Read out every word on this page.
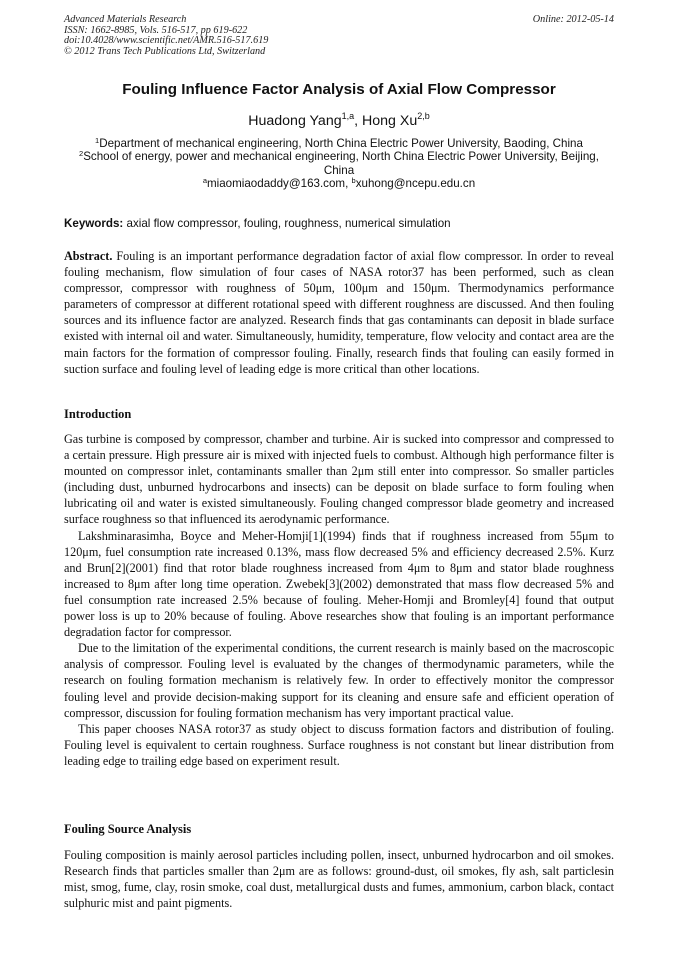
Advanced Materials Research
ISSN: 1662-8985, Vols. 516-517, pp 619-622
doi:10.4028/www.scientific.net/AMR.516-517.619
© 2012 Trans Tech Publications Ltd, Switzerland
Online: 2012-05-14
Fouling Influence Factor Analysis of Axial Flow Compressor
Huadong Yang$^{1,a}$, Hong Xu$^{2,b}$
$^1$Department of mechanical engineering, North China Electric Power University, Baoding, China
$^2$School of energy, power and mechanical engineering, North China Electric Power University, Beijing, China
$^a$miaomiaodaddy@163.com, $^b$xuhong@ncepu.edu.cn
Keywords: axial flow compressor, fouling, roughness, numerical simulation

Abstract. Fouling is an important performance degradation factor of axial flow compressor. In order to reveal fouling mechanism, flow simulation of four cases of NASA rotor37 has been performed, such as clean compressor, compressor with roughness of 50μm, 100μm and 150μm. Thermodynamics performance parameters of compressor at different rotational speed with different roughness are discussed. And then fouling sources and its influence factor are analyzed. Research finds that gas contaminants can deposit in blade surface existed with internal oil and water. Simultaneously, humidity, temperature, flow velocity and contact area are the main factors for the formation of compressor fouling. Finally, research finds that fouling can easily formed in suction surface and fouling level of leading edge is more critical than other locations.

Introduction

Gas turbine is composed by compressor, chamber and turbine. Air is sucked into compressor and compressed to a certain pressure. High pressure air is mixed with injected fuels to combust. Although high performance filter is mounted on compressor inlet, contaminants smaller than 2μm still enter into compressor. So smaller particles (including dust, unburned hydrocarbons and insects) can be deposit on blade surface to form fouling when lubricating oil and water is existed simultaneously. Fouling changed compressor blade geometry and increased surface roughness so that influenced its aerodynamic performance.

Lakshminarasimha, Boyce and Meher-Homji[1](1994) finds that if roughness increased from 55μm to 120μm, fuel consumption rate increased 0.13%, mass flow decreased 5% and efficiency decreased 2.5%. Kurz and Brun[2](2001) find that rotor blade roughness increased from 4μm to 8μm and stator blade roughness increased to 8μm after long time operation. Zwebek[3](2002) demonstrated that mass flow decreased 5% and fuel consumption rate increased 2.5% because of fouling. Meher-Homji and Bromley[4] found that output power loss is up to 20% because of fouling. Above researches show that fouling is an important performance degradation factor for compressor.

Due to the limitation of the experimental conditions, the current research is mainly based on the macroscopic analysis of compressor. Fouling level is evaluated by the changes of thermodynamic parameters, while the research on fouling formation mechanism is relatively few. In order to effectively monitor the compressor fouling level and provide decision-making support for its cleaning and ensure safe and efficient operation of compressor, discussion for fouling formation mechanism has very important practical value.

This paper chooses NASA rotor37 as study object to discuss formation factors and distribution of fouling. Fouling level is equivalent to certain roughness. Surface roughness is not constant but linear distribution from leading edge to trailing edge based on experiment result.

Fouling Source Analysis

Fouling composition is mainly aerosol particles including pollen, insect, unburned hydrocarbon and oil smokes. Research finds that particles smaller than 2μm are as follows: ground-dust, oil smokes, fly ash, salt particlesin mist, smog, fume, clay, rosin smoke, coal dust, metallurgical dusts and fumes, ammonium, carbon black, contact sulphuric mist and paint pigments.
